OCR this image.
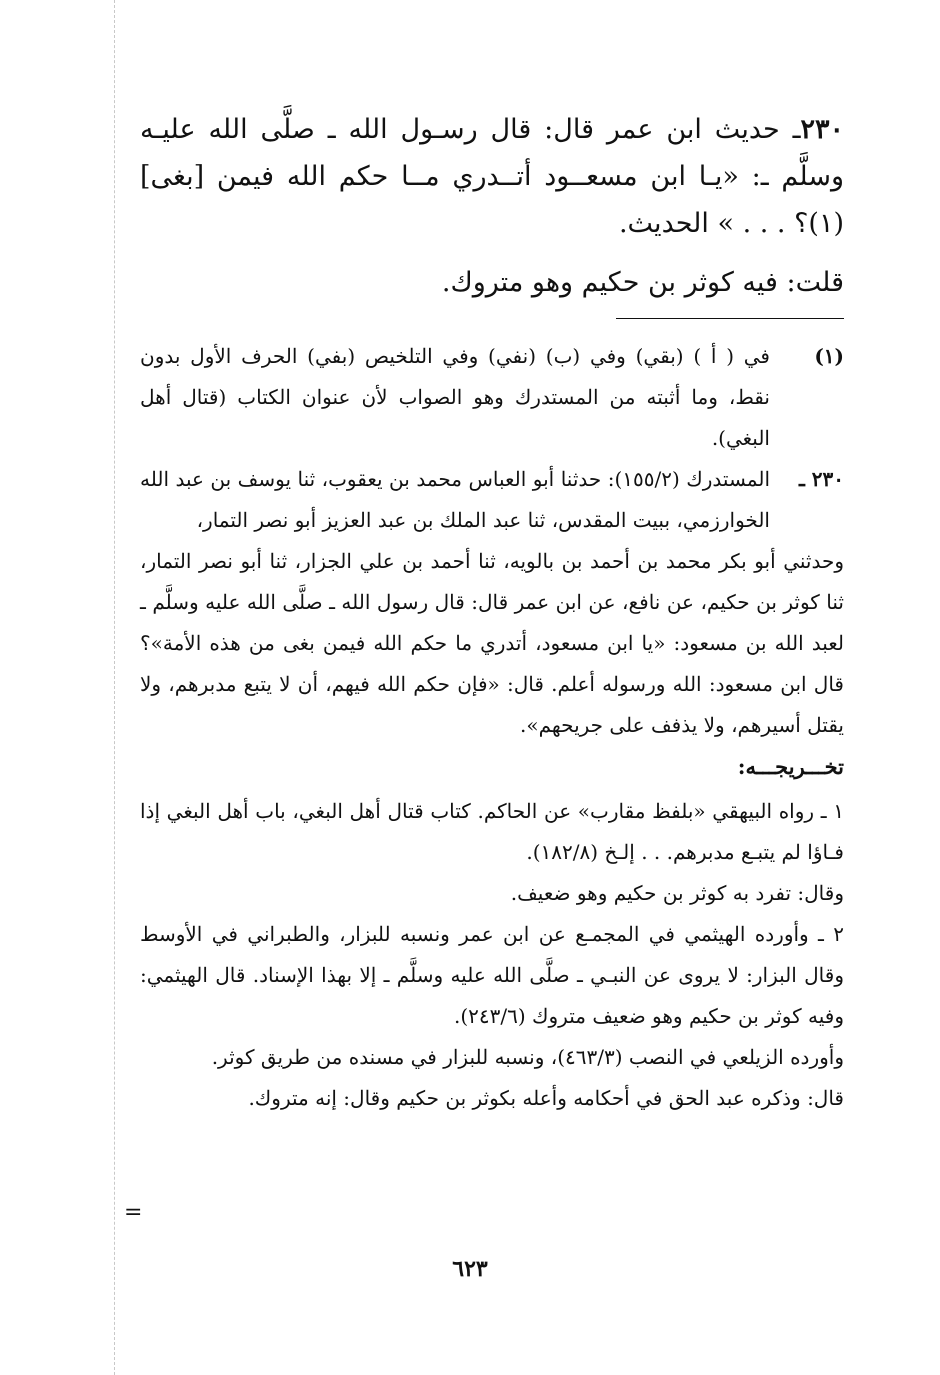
٢٣٠ـ حديث ابن عمر قال: قال رسـول الله ـ صلَّى الله عليـه وسلَّم ـ: «يـا ابن مسعــود أتــدري مــا حكم الله فيمن [بغى](١)؟ . . . » الحديث.

قلت: فيه كوثر بن حكيم وهو متروك.

(١)

في ( أ ) (بقي) وفي (ب) (نفي) وفي التلخيص (بفي) الحرف الأول بدون نقط، وما أثبته من المستدرك وهو الصواب لأن عنوان الكتاب (قتال أهل البغي).

٢٣٠ ـ

المستدرك (١٥٥/٢): حدثنا أبو العباس محمد بن يعقوب، ثنا يوسف بن عبد الله الخوارزمي، ببيت المقدس، ثنا عبد الملك بن عبد العزيز أبو نصر التمار،

وحدثني أبو بكر محمد بن أحمد بن بالويه، ثنا أحمد بن علي الجزار، ثنا أبو نصر التمار، ثنا كوثر بن حكيم، عن نافع، عن ابن عمر قال: قال رسول الله ـ صلَّى الله عليه وسلَّم ـ لعبد الله بن مسعود: «يا ابن مسعود، أتدري ما حكم الله فيمن بغى من هذه الأمة»؟ قال ابن مسعود: الله ورسوله أعلم. قال: «فإن حكم الله فيهم، أن لا يتبع مدبرهم، ولا يقتل أسيرهم، ولا يذفف على جريحهم».

تخـــريجـــه:

١ ـ رواه البيهقي «بلفظ مقارب» عن الحاكم. كتاب قتال أهل البغي، باب أهل البغي إذا فـاؤا لم يتبـع مدبرهم. . . إلـخ (١٨٢/٨).

وقال: تفرد به كوثر بن حكيم وهو ضعيف.

٢ ـ وأورده الهيثمي في المجمـع عن ابن عمر ونسبه للبزار، والطبراني في الأوسط وقال البزار: لا يروى عن النبـي ـ صلَّى الله عليه وسلَّم ـ إلا بهذا الإسناد. قال الهيثمي: وفيه كوثر بن حكيم وهو ضعيف متروك (٢٤٣/٦).

وأورده الزيلعي في النصب (٤٦٣/٣)، ونسبه للبزار في مسنده من طريق كوثر.

قال: وذكره عبد الحق في أحكامه وأعله بكوثر بن حكيم وقال: إنه متروك.

=
٦٢٣
